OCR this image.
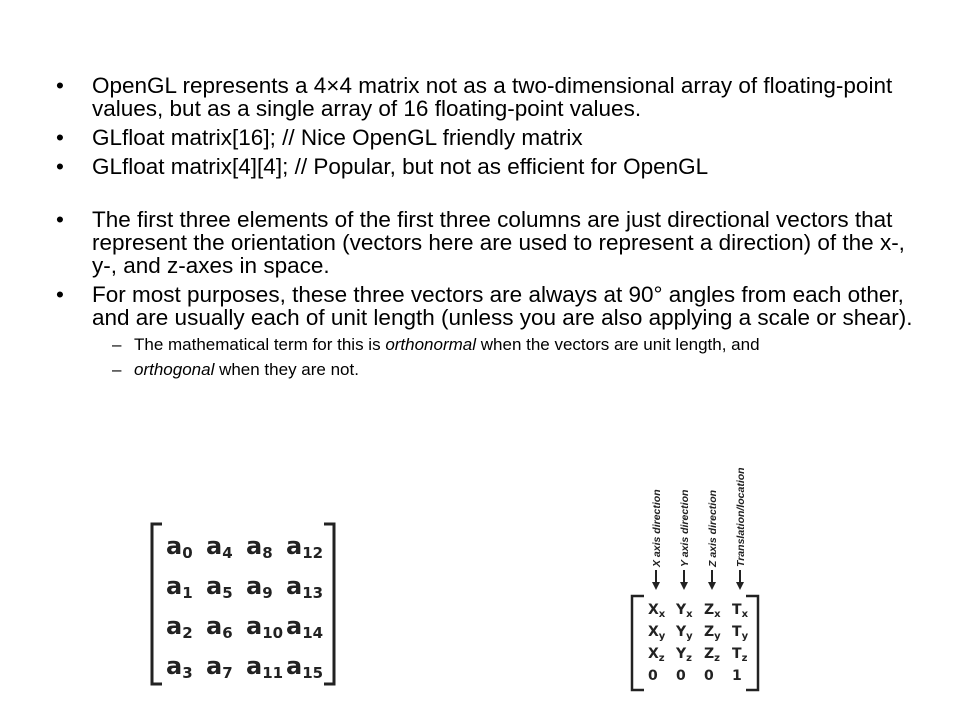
• OpenGL represents a 4×4 matrix not as a two-dimensional array of floating-point values, but as a single array of 16 floating-point values.
• GLfloat matrix[16]; // Nice OpenGL friendly matrix
• GLfloat matrix[4][4]; // Popular, but not as efficient for OpenGL
• The first three elements of the first three columns are just directional vectors that represent the orientation (vectors here are used to represent a direction) of the x-, y-, and z-axes in space.
• For most purposes, these three vectors are always at 90° angles from each other, and are usually each of unit length (unless you are also applying a scale or shear).
– The mathematical term for this is orthonormal when the vectors are unit length, and
– orthogonal when they are not.
a0 a4 a8 a12
a1 a5 a9 a13
a2 a6 a10 a14
a3 a7 a11 a15
X axis direction Y axis direction Z axis direction Translation/location
$X_x$ $Y_x$ $Z_x$ $T_x$
$X_y$ $Y_y$ $Z_y$ $T_y$
$X_z$ $Y_z$ $Z_z$ $T_z$
0 0 0 1
